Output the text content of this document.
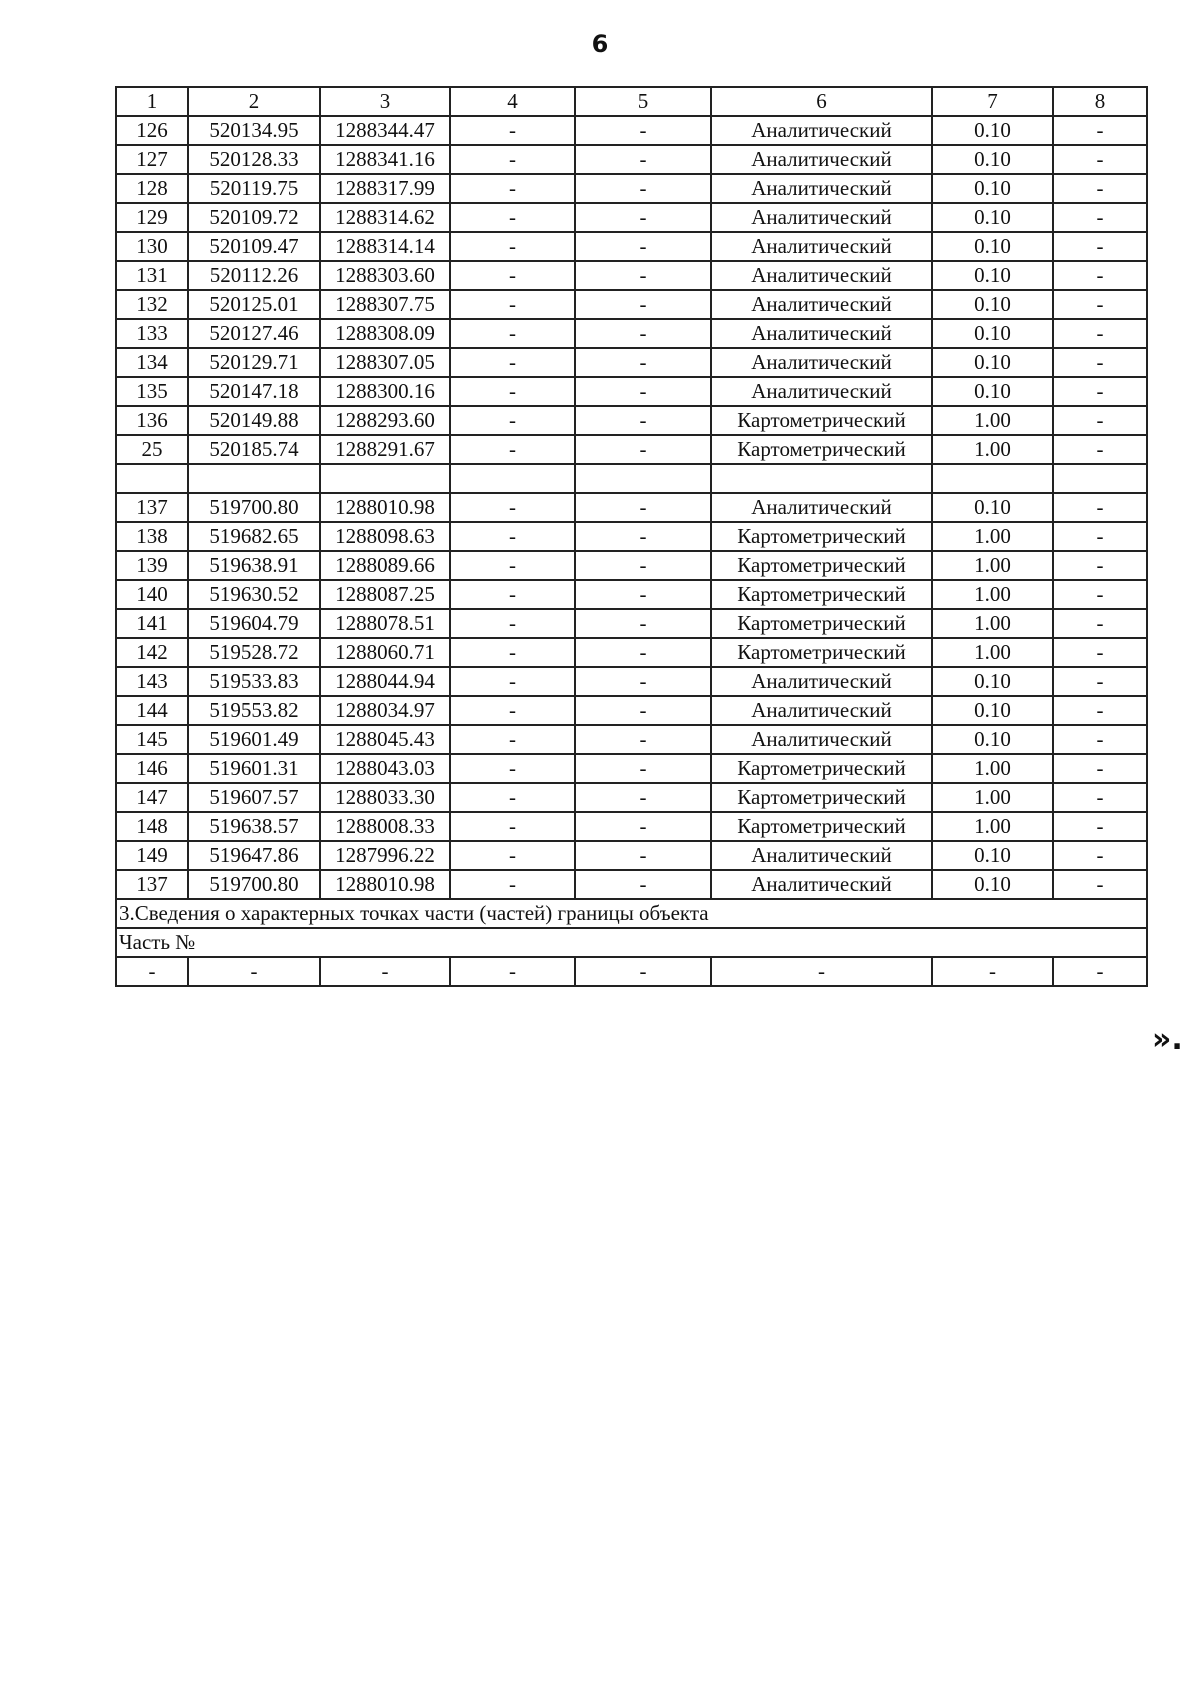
6
1	2	3	4	5	6	7	8
126	520134.95	1288344.47	-	-	Аналитический	0.10	-
127	520128.33	1288341.16	-	-	Аналитический	0.10	-
128	520119.75	1288317.99	-	-	Аналитический	0.10	-
129	520109.72	1288314.62	-	-	Аналитический	0.10	-
130	520109.47	1288314.14	-	-	Аналитический	0.10	-
131	520112.26	1288303.60	-	-	Аналитический	0.10	-
132	520125.01	1288307.75	-	-	Аналитический	0.10	-
133	520127.46	1288308.09	-	-	Аналитический	0.10	-
134	520129.71	1288307.05	-	-	Аналитический	0.10	-
135	520147.18	1288300.16	-	-	Аналитический	0.10	-
136	520149.88	1288293.60	-	-	Картометрический	1.00	-
25	520185.74	1288291.67	-	-	Картометрический	1.00	-

137	519700.80	1288010.98	-	-	Аналитический	0.10	-
138	519682.65	1288098.63	-	-	Картометрический	1.00	-
139	519638.91	1288089.66	-	-	Картометрический	1.00	-
140	519630.52	1288087.25	-	-	Картометрический	1.00	-
141	519604.79	1288078.51	-	-	Картометрический	1.00	-
142	519528.72	1288060.71	-	-	Картометрический	1.00	-
143	519533.83	1288044.94	-	-	Аналитический	0.10	-
144	519553.82	1288034.97	-	-	Аналитический	0.10	-
145	519601.49	1288045.43	-	-	Аналитический	0.10	-
146	519601.31	1288043.03	-	-	Картометрический	1.00	-
147	519607.57	1288033.30	-	-	Картометрический	1.00	-
148	519638.57	1288008.33	-	-	Картометрический	1.00	-
149	519647.86	1287996.22	-	-	Аналитический	0.10	-
137	519700.80	1288010.98	-	-	Аналитический	0.10	-
3.Сведения о характерных точках части (частей) границы объекта							
Часть №							
-	-	-	-	-	-	-	-
».
